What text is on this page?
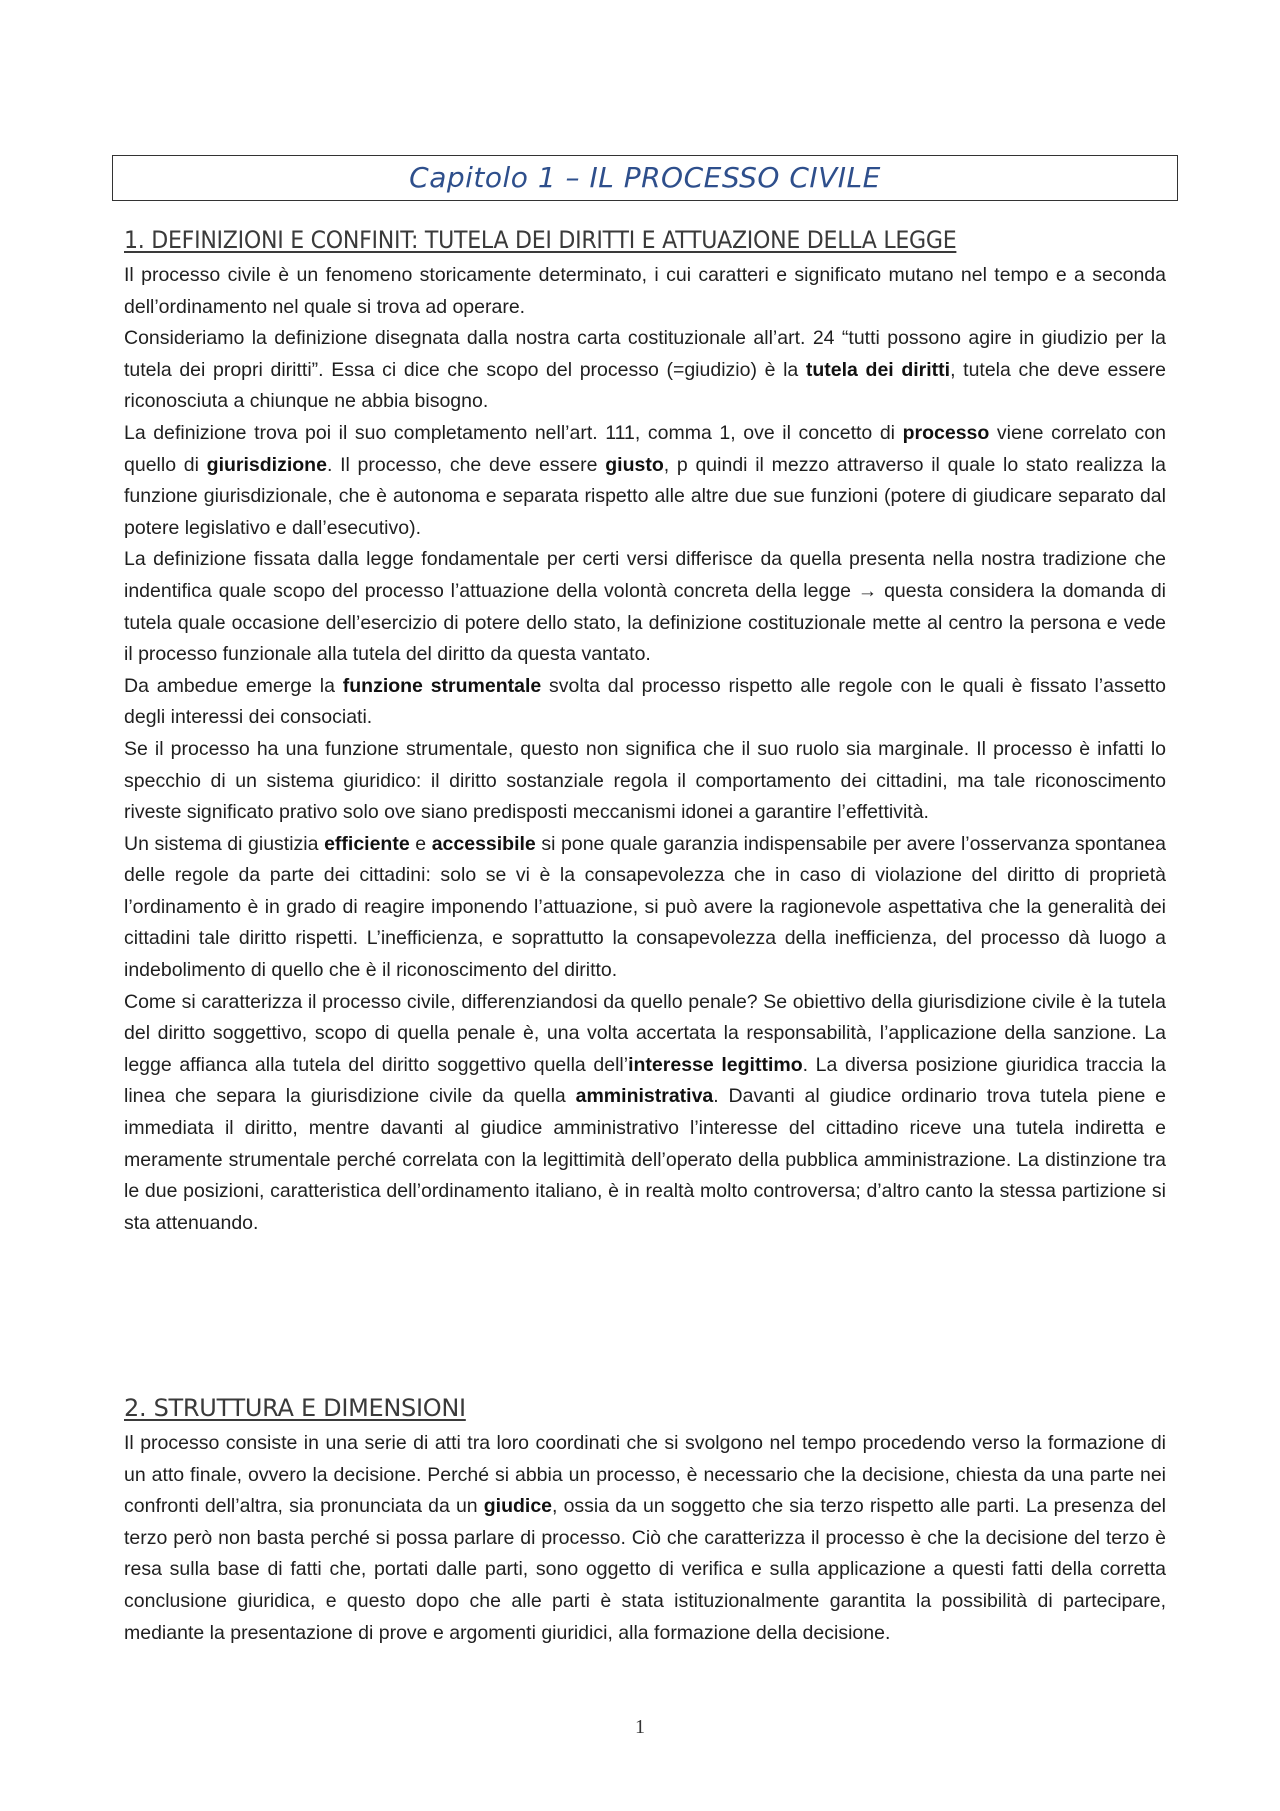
Capitolo 1 – IL PROCESSO CIVILE
1. DEFINIZIONI E CONFINIT: TUTELA DEI DIRITTI E ATTUAZIONE DELLA LEGGE

Il processo civile è un fenomeno storicamente determinato, i cui caratteri e significato mutano nel tempo e a seconda dell’ordinamento nel quale si trova ad operare.

Consideriamo la definizione disegnata dalla nostra carta costituzionale all’art. 24 “tutti possono agire in giudizio per la tutela dei propri diritti”. Essa ci dice che scopo del processo (=giudizio) è la tutela dei diritti, tutela che deve essere riconosciuta a chiunque ne abbia bisogno.

La definizione trova poi il suo completamento nell’art. 111, comma 1, ove il concetto di processo viene correlato con quello di giurisdizione. Il processo, che deve essere giusto, p quindi il mezzo attraverso il quale lo stato realizza la funzione giurisdizionale, che è autonoma e separata rispetto alle altre due sue funzioni (potere di giudicare separato dal potere legislativo e dall’esecutivo).

La definizione fissata dalla legge fondamentale per certi versi differisce da quella presenta nella nostra tradizione che indentifica quale scopo del processo l’attuazione della volontà concreta della legge → questa considera la domanda di tutela quale occasione dell’esercizio di potere dello stato, la definizione costituzionale mette al centro la persona e vede il processo funzionale alla tutela del diritto da questa vantato.

Da ambedue emerge la funzione strumentale svolta dal processo rispetto alle regole con le quali è fissato l’assetto degli interessi dei consociati.

Se il processo ha una funzione strumentale, questo non significa che il suo ruolo sia marginale. Il processo è infatti lo specchio di un sistema giuridico: il diritto sostanziale regola il comportamento dei cittadini, ma tale riconoscimento riveste significato prativo solo ove siano predisposti meccanismi idonei a garantire l’effettività.

Un sistema di giustizia efficiente e accessibile si pone quale garanzia indispensabile per avere l’osservanza spontanea delle regole da parte dei cittadini: solo se vi è la consapevolezza che in caso di violazione del diritto di proprietà l’ordinamento è in grado di reagire imponendo l’attuazione, si può avere la ragionevole aspettativa che la generalità dei cittadini tale diritto rispetti. L’inefficienza, e soprattutto la consapevolezza della inefficienza, del processo dà luogo a indebolimento di quello che è il riconoscimento del diritto.

Come si caratterizza il processo civile, differenziandosi da quello penale? Se obiettivo della giurisdizione civile è la tutela del diritto soggettivo, scopo di quella penale è, una volta accertata la responsabilità, l’applicazione della sanzione. La legge affianca alla tutela del diritto soggettivo quella dell’interesse legittimo. La diversa posizione giuridica traccia la linea che separa la giurisdizione civile da quella amministrativa. Davanti al giudice ordinario trova tutela piene e immediata il diritto, mentre davanti al giudice amministrativo l’interesse del cittadino riceve una tutela indiretta e meramente strumentale perché correlata con la legittimità dell’operato della pubblica amministrazione. La distinzione tra le due posizioni, caratteristica dell’ordinamento italiano, è in realtà molto controversa; d’altro canto la stessa partizione si sta attenuando.

2. STRUTTURA E DIMENSIONI

Il processo consiste in una serie di atti tra loro coordinati che si svolgono nel tempo procedendo verso la formazione di un atto finale, ovvero la decisione. Perché si abbia un processo, è necessario che la decisione, chiesta da una parte nei confronti dell’altra, sia pronunciata da un giudice, ossia da un soggetto che sia terzo rispetto alle parti. La presenza del terzo però non basta perché si possa parlare di processo. Ciò che caratterizza il processo è che la decisione del terzo è resa sulla base di fatti che, portati dalle parti, sono oggetto di verifica e sulla applicazione a questi fatti della corretta conclusione giuridica, e questo dopo che alle parti è stata istituzionalmente garantita la possibilità di partecipare, mediante la presentazione di prove e argomenti giuridici, alla formazione della decisione.

1
